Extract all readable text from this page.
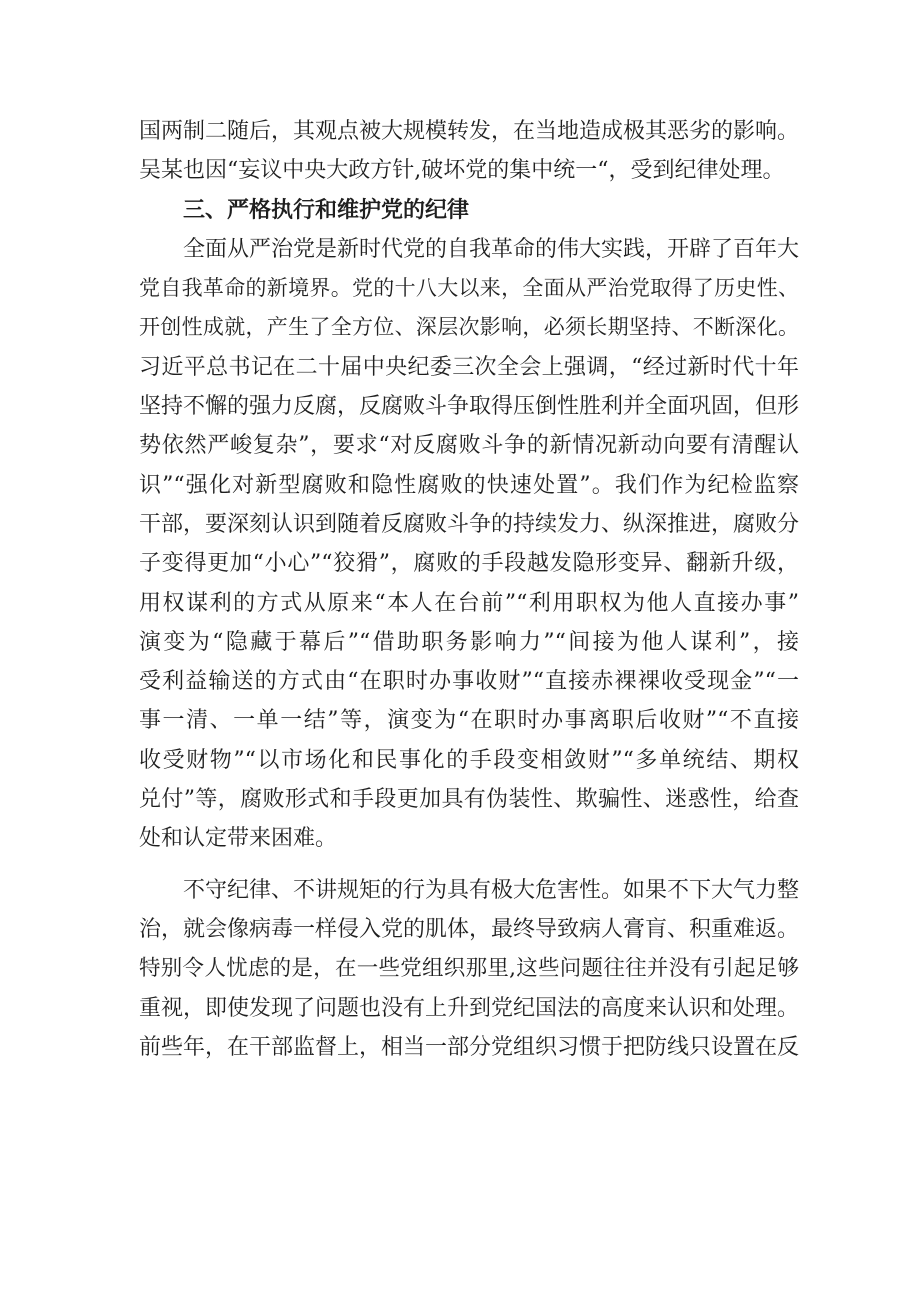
国两制二随后，其观点被大规模转发，在当地造成极其恶劣的影响。
吴某也因“妄议中央大政方针,破坏党的集中统一“，受到纪律处理。

三、严格执行和维护党的纪律

全面从严治党是新时代党的自我革命的伟大实践，开辟了百年大
党自我革命的新境界。党的十八大以来，全面从严治党取得了历史性、
开创性成就，产生了全方位、深层次影响，必须长期坚持、不断深化。
习近平总书记在二十届中央纪委三次全会上强调，“经过新时代十年
坚持不懈的强力反腐，反腐败斗争取得压倒性胜利并全面巩固，但形
势依然严峻复杂”，要求“对反腐败斗争的新情况新动向要有清醒认
识”“强化对新型腐败和隐性腐败的快速处置”。我们作为纪检监察
干部，要深刻认识到随着反腐败斗争的持续发力、纵深推进，腐败分
子变得更加“小心”“狡猾”，腐败的手段越发隐形变异、翻新升级，
用权谋利的方式从原来“本人在台前”“利用职权为他人直接办事”
演变为“隐藏于幕后”“借助职务影响力”“间接为他人谋利”，接
受利益输送的方式由“在职时办事收财”“直接赤裸裸收受现金”“一
事一清、一单一结”等，演变为“在职时办事离职后收财”“不直接
收受财物”“以市场化和民事化的手段变相敛财”“多单统结、期权
兑付”等，腐败形式和手段更加具有伪装性、欺骗性、迷惑性，给查
处和认定带来困难。

不守纪律、不讲规矩的行为具有极大危害性。如果不下大气力整
治，就会像病毒一样侵入党的肌体，最终导致病人膏肓、积重难返。
特别令人忧虑的是，在一些党组织那里,这些问题往往并没有引起足够
重视，即使发现了问题也没有上升到党纪国法的高度来认识和处理。
前些年，在干部监督上，相当一部分党组织习惯于把防线只设置在反
